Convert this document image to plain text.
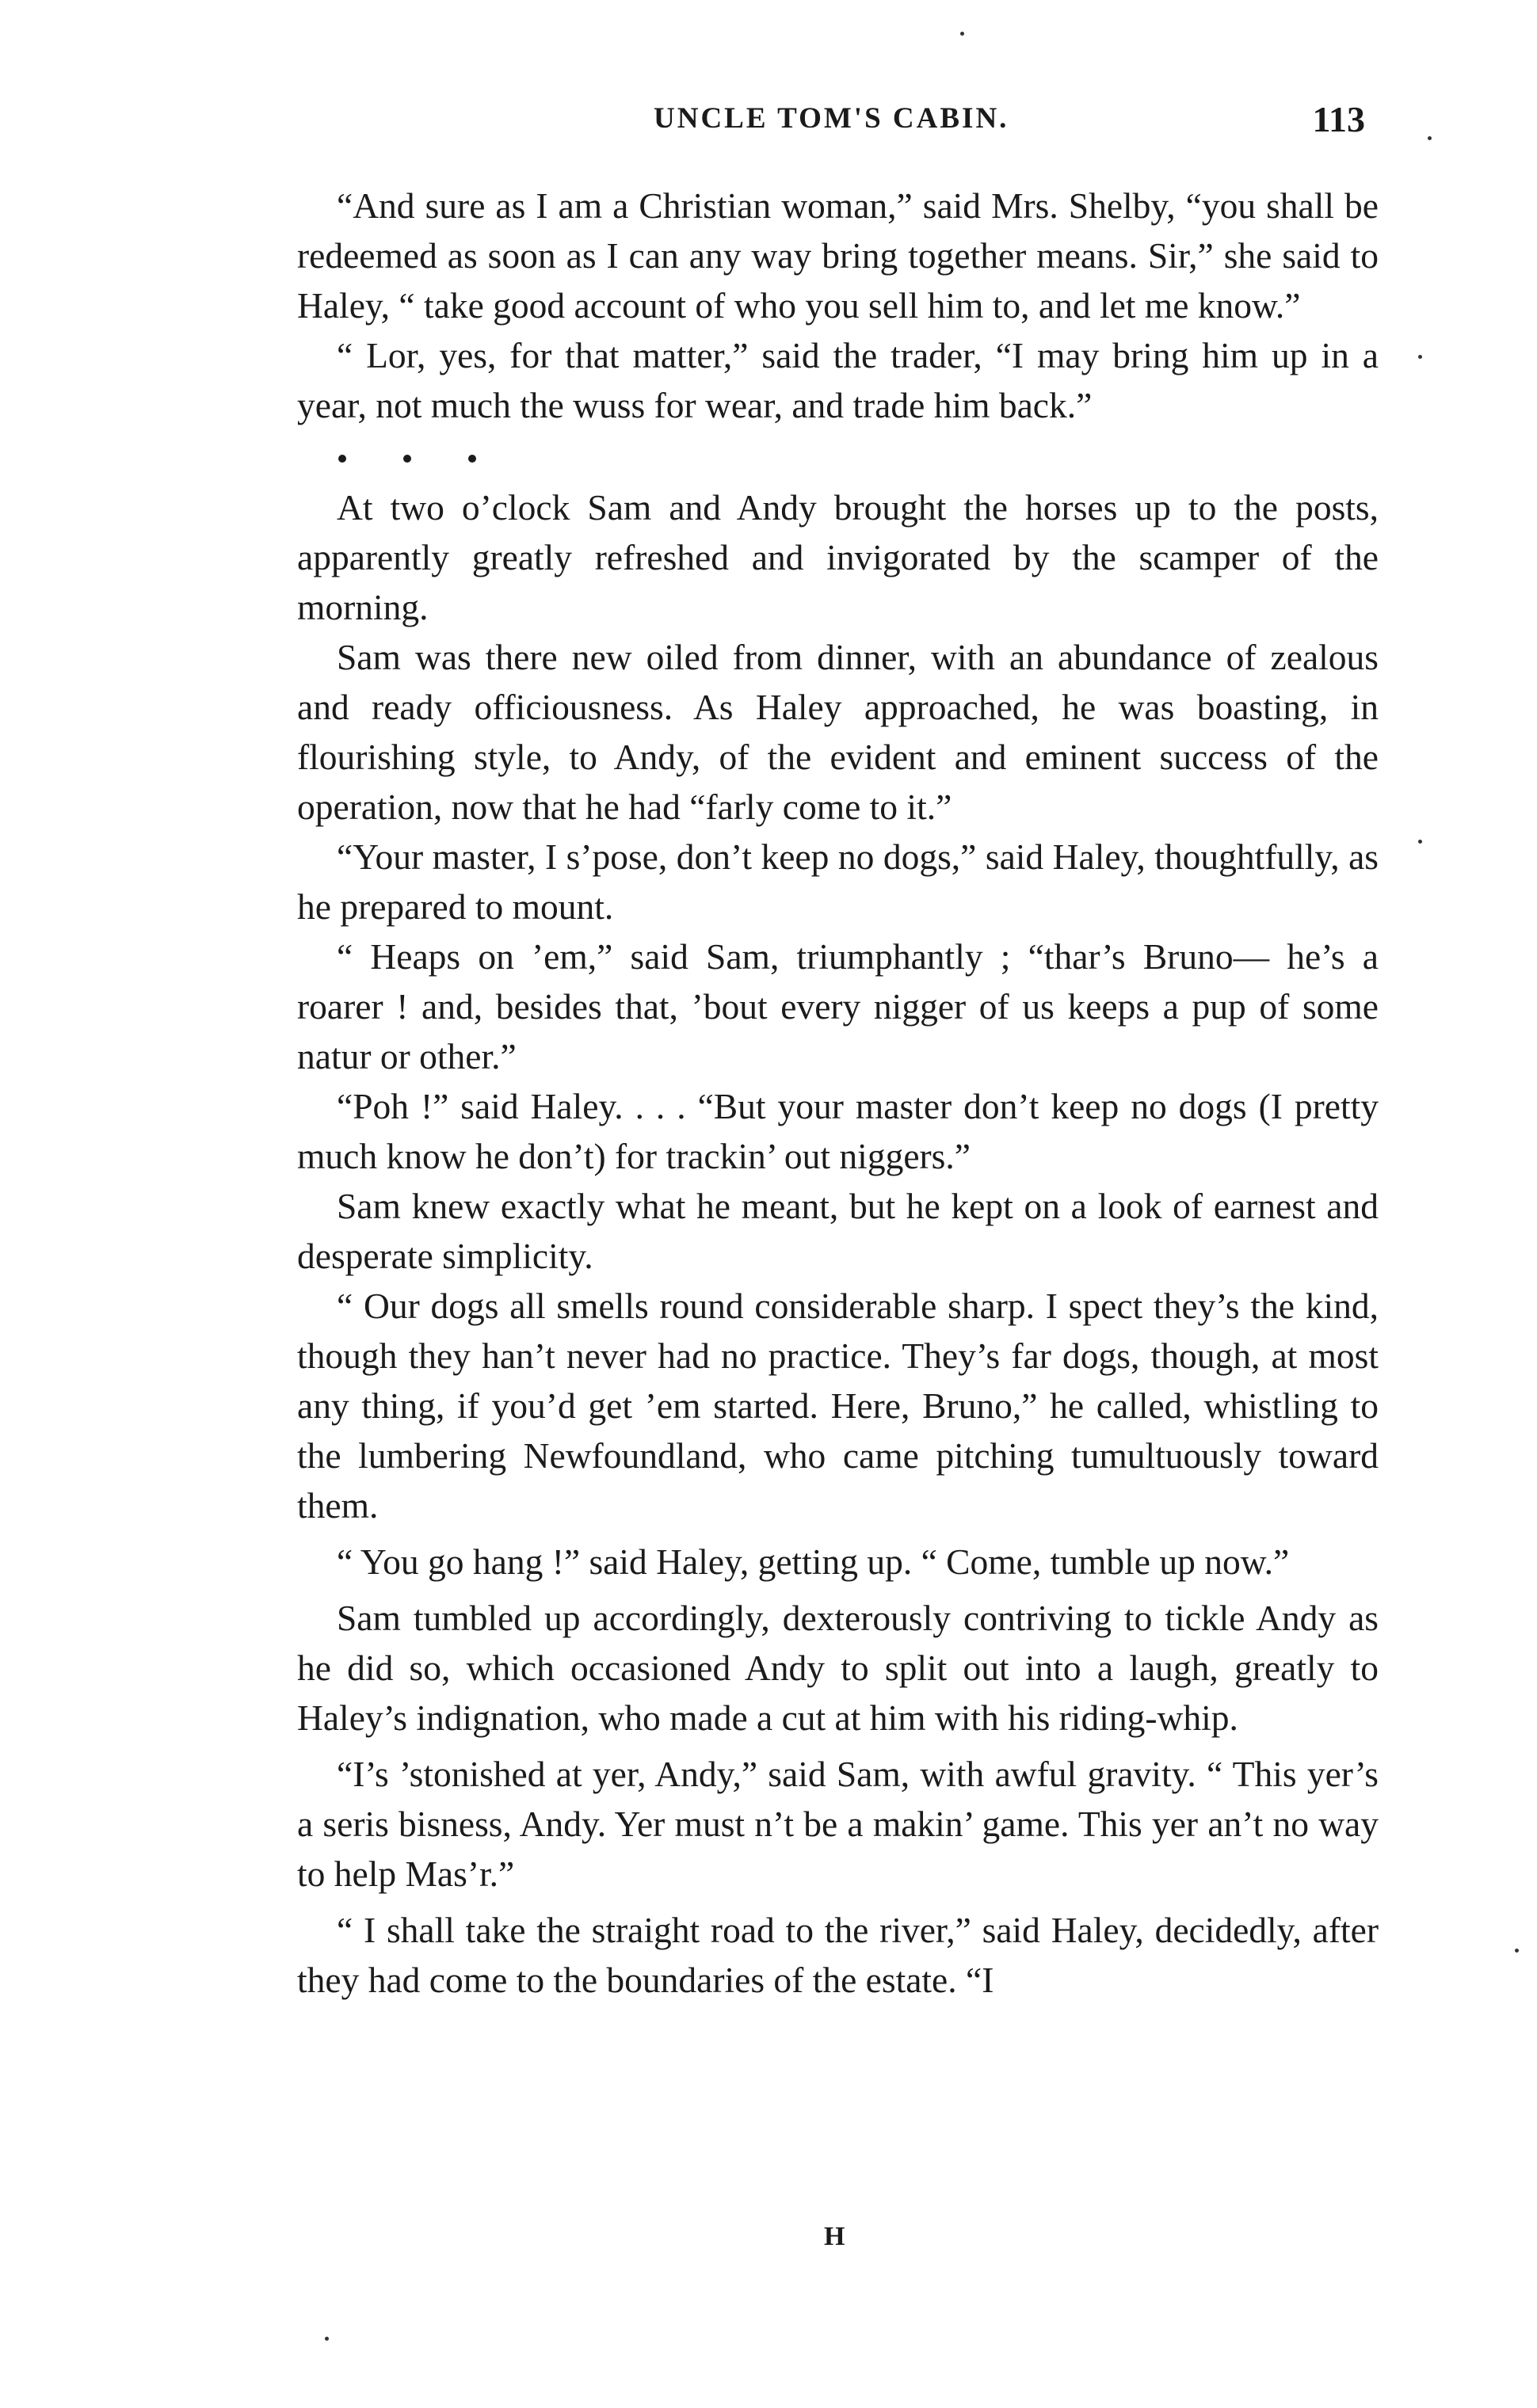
UNCLE TOM'S CABIN.	113

“And sure as I am a Christian woman,” said Mrs. Shelby, “you shall be redeemed as soon as I can any way bring together means. Sir,” she said to Haley, “ take good account of who you sell him to, and let me know.”

“ Lor, yes, for that matter,” said the trader, “I may bring him up in a year, not much the wuss for wear, and trade him back.”

At two o’clock Sam and Andy brought the horses up to the posts, apparently greatly refreshed and invigorated by the scamper of the morning.

Sam was there new oiled from dinner, with an abundance of zealous and ready officiousness. As Haley approached, he was boasting, in flourishing style, to Andy, of the evident and eminent success of the operation, now that he had “farly come to it.”

“Your master, I s’pose, don’t keep no dogs,” said Haley, thoughtfully, as he prepared to mount.

“ Heaps on ’em,” said Sam, triumphantly ; “thar’s Bruno— he’s a roarer ! and, besides that, ’bout every nigger of us keeps a pup of some natur or other.”

“Poh !” said Haley. . . . “But your master don’t keep no dogs (I pretty much know he don’t) for trackin’ out niggers.”

Sam knew exactly what he meant, but he kept on a look of earnest and desperate simplicity.

“ Our dogs all smells round considerable sharp. I spect they’s the kind, though they han’t never had no practice. They’s far dogs, though, at most any thing, if you’d get ’em started. Here, Bruno,” he called, whistling to the lumbering Newfoundland, who came pitching tumultuously toward them.

“ You go hang !” said Haley, getting up. “ Come, tumble up now.”

Sam tumbled up accordingly, dexterously contriving to tickle Andy as he did so, which occasioned Andy to split out into a laugh, greatly to Haley’s indignation, who made a cut at him with his riding-whip.

“I’s ’stonished at yer, Andy,” said Sam, with awful gravity. “ This yer’s a seris bisness, Andy. Yer must n’t be a makin’ game. This yer an’t no way to help Mas’r.”

“ I shall take the straight road to the river,” said Haley, decidedly, after they had come to the boundaries of the estate. “I

H
